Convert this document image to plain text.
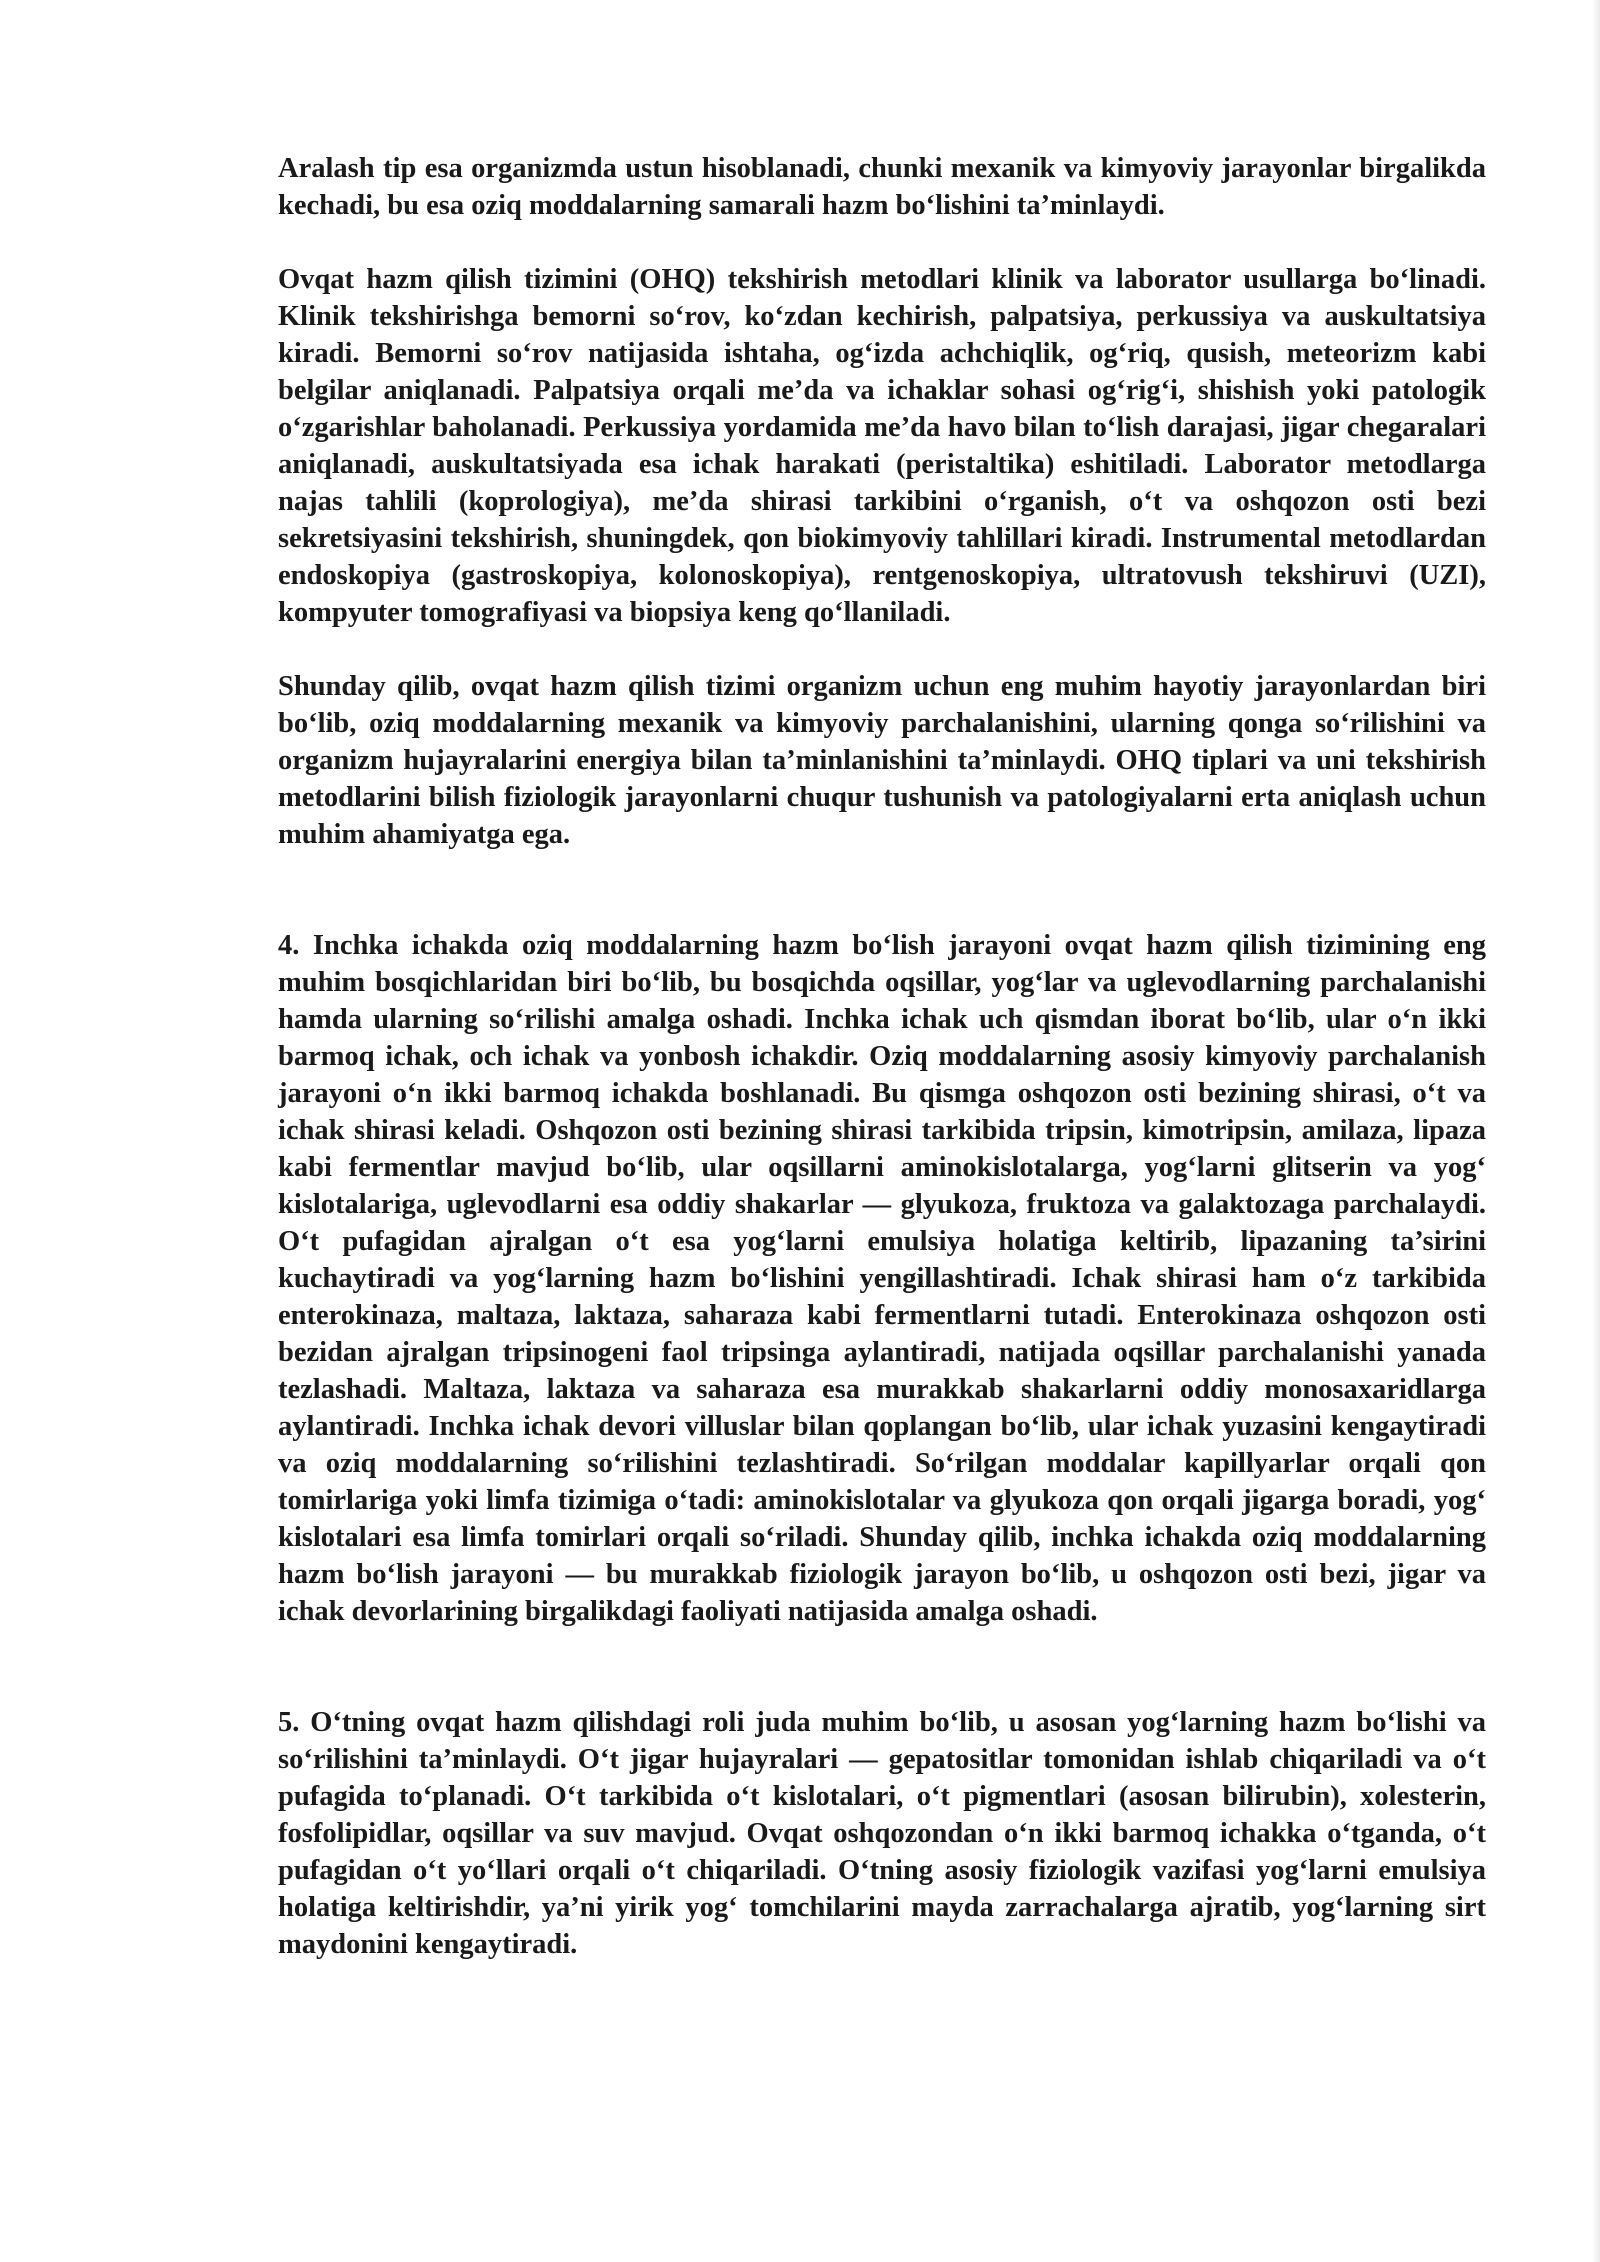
Aralash tip esa organizmda ustun hisoblanadi, chunki mexanik va kimyoviy jarayonlar birgalikda kechadi, bu esa oziq moddalarning samarali hazm bo‘lishini ta’minlaydi.

Ovqat hazm qilish tizimini (OHQ) tekshirish metodlari klinik va laborator usullarga bo‘linadi. Klinik tekshirishga bemorni so‘rov, ko‘zdan kechirish, palpatsiya, perkussiya va auskultatsiya kiradi. Bemorni so‘rov natijasida ishtaha, og‘izda achchiqlik, og‘riq, qusish, meteorizm kabi belgilar aniqlanadi. Palpatsiya orqali me’da va ichaklar sohasi og‘rig‘i, shishish yoki patologik o‘zgarishlar baholanadi. Perkussiya yordamida me’da havo bilan to‘lish darajasi, jigar chegaralari aniqlanadi, auskultatsiyada esa ichak harakati (peristaltika) eshitiladi. Laborator metodlarga najas tahlili (koprologiya), me’da shirasi tarkibini o‘rganish, o‘t va oshqozon osti bezi sekretsiyasini tekshirish, shuningdek, qon biokimyoviy tahlillari kiradi. Instrumental metodlardan endoskopiya (gastroskopiya, kolonoskopiya), rentgenoskopiya, ultratovush tekshiruvi (UZI), kompyuter tomografiyasi va biopsiya keng qo‘llaniladi.

Shunday qilib, ovqat hazm qilish tizimi organizm uchun eng muhim hayotiy jarayonlardan biri bo‘lib, oziq moddalarning mexanik va kimyoviy parchalanishini, ularning qonga so‘rilishini va organizm hujayralarini energiya bilan ta’minlanishini ta’minlaydi. OHQ tiplari va uni tekshirish metodlarini bilish fiziologik jarayonlarni chuqur tushunish va patologiyalarni erta aniqlash uchun muhim ahamiyatga ega.

4. Inchka ichakda oziq moddalarning hazm bo‘lish jarayoni ovqat hazm qilish tizimining eng muhim bosqichlaridan biri bo‘lib, bu bosqichda oqsillar, yog‘lar va uglevodlarning parchalanishi hamda ularning so‘rilishi amalga oshadi. Inchka ichak uch qismdan iborat bo‘lib, ular o‘n ikki barmoq ichak, och ichak va yonbosh ichakdir. Oziq moddalarning asosiy kimyoviy parchalanish jarayoni o‘n ikki barmoq ichakda boshlanadi. Bu qismga oshqozon osti bezining shirasi, o‘t va ichak shirasi keladi. Oshqozon osti bezining shirasi tarkibida tripsin, kimotripsin, amilaza, lipaza kabi fermentlar mavjud bo‘lib, ular oqsillarni aminokislotalarga, yog‘larni glitserin va yog‘ kislotalariga, uglevodlarni esa oddiy shakarlar — glyukoza, fruktoza va galaktozaga parchalaydi. O‘t pufagidan ajralgan o‘t esa yog‘larni emulsiya holatiga keltirib, lipazaning ta’sirini kuchaytiradi va yog‘larning hazm bo‘lishini yengillashtiradi. Ichak shirasi ham o‘z tarkibida enterokinaza, maltaza, laktaza, saharaza kabi fermentlarni tutadi. Enterokinaza oshqozon osti bezidan ajralgan tripsinogeni faol tripsinga aylantiradi, natijada oqsillar parchalanishi yanada tezlashadi. Maltaza, laktaza va saharaza esa murakkab shakarlarni oddiy monosaxaridlarga aylantiradi. Inchka ichak devori villuslar bilan qoplangan bo‘lib, ular ichak yuzasini kengaytiradi va oziq moddalarning so‘rilishini tezlashtiradi. So‘rilgan moddalar kapillyarlar orqali qon tomirlariga yoki limfa tizimiga o‘tadi: aminokislotalar va glyukoza qon orqali jigarga boradi, yog‘ kislotalari esa limfa tomirlari orqali so‘riladi. Shunday qilib, inchka ichakda oziq moddalarning hazm bo‘lish jarayoni — bu murakkab fiziologik jarayon bo‘lib, u oshqozon osti bezi, jigar va ichak devorlarining birgalikdagi faoliyati natijasida amalga oshadi.

5. O‘tning ovqat hazm qilishdagi roli juda muhim bo‘lib, u asosan yog‘larning hazm bo‘lishi va so‘rilishini ta’minlaydi. O‘t jigar hujayralari — gepatositlar tomonidan ishlab chiqariladi va o‘t pufagida to‘planadi. O‘t tarkibida o‘t kislotalari, o‘t pigmentlari (asosan bilirubin), xolesterin, fosfolipidlar, oqsillar va suv mavjud. Ovqat oshqozondan o‘n ikki barmoq ichakka o‘tganda, o‘t pufagidan o‘t yo‘llari orqali o‘t chiqariladi. O‘tning asosiy fiziologik vazifasi yog‘larni emulsiya holatiga keltirishdir, ya’ni yirik yog‘ tomchilarini mayda zarrachalarga ajratib, yog‘larning sirt maydonini kengaytiradi.
